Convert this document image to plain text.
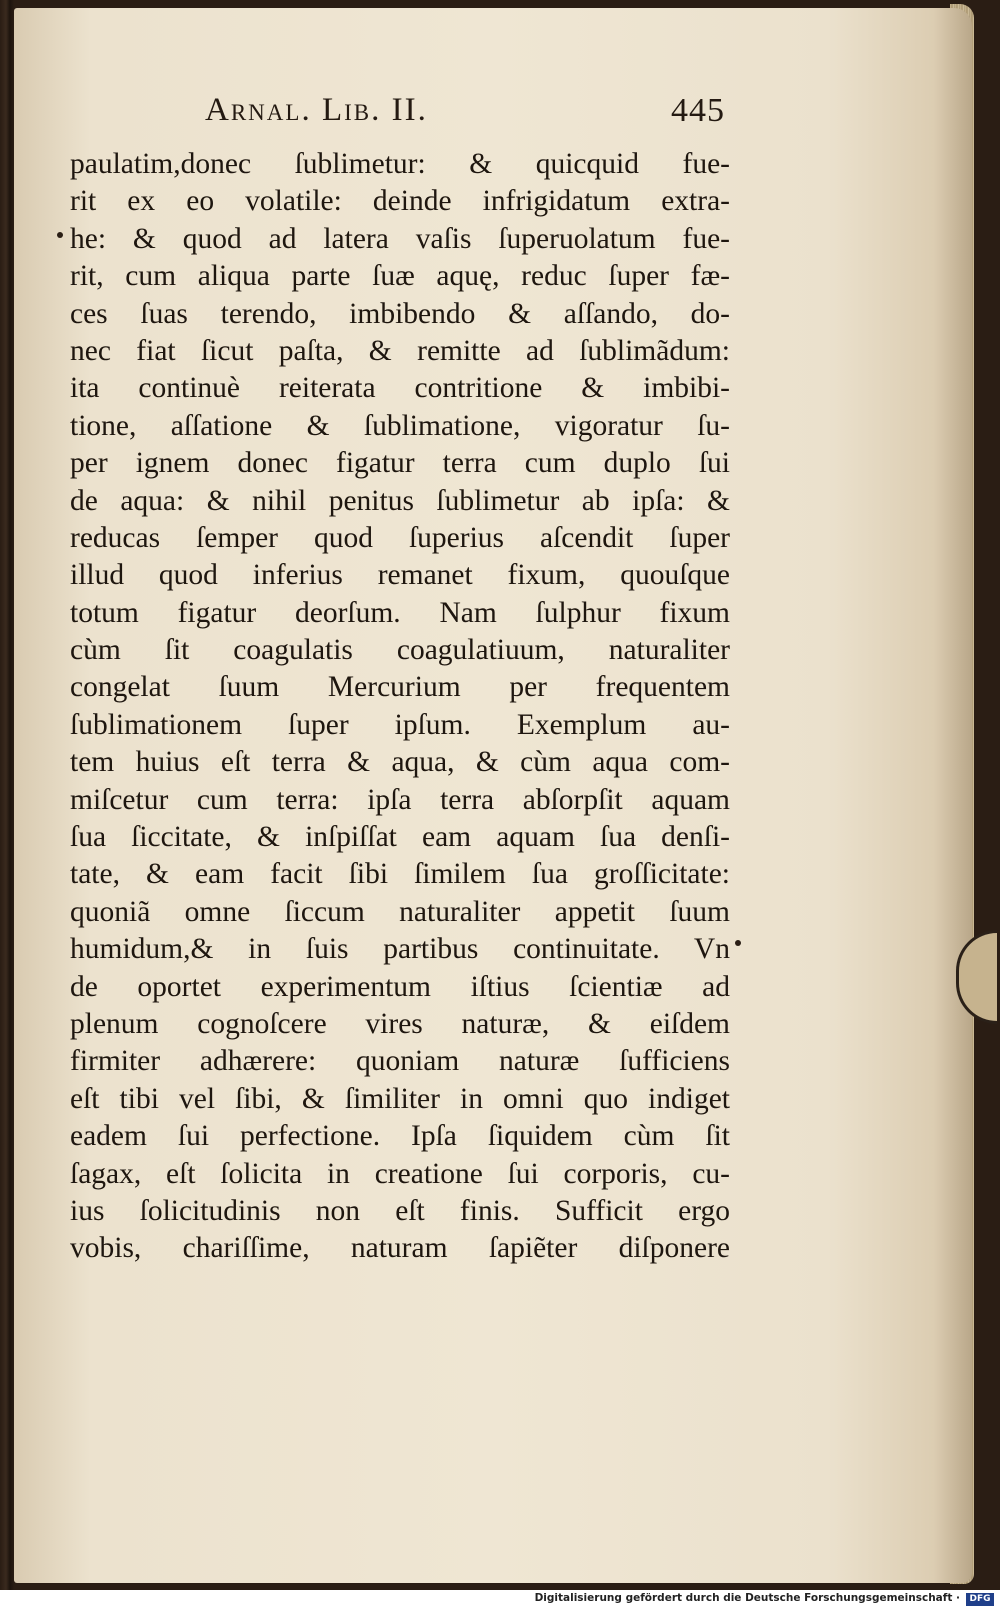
Arnal. Lib. II.	445
paulatim,donec ſublimetur: & quicquid fue-
rit ex eo volatile: deinde infrigidatum extra-
he: & quod ad latera vaſis ſuperuolatum fue-
rit, cum aliqua parte ſuæ aquę, reduc ſuper fæ-
ces ſuas terendo, imbibendo & aſſando, do-
nec fiat ſicut paſta, & remitte ad ſublimãdum:
ita continuè reiterata contritione & imbibi-
tione, aſſatione & ſublimatione, vigoratur ſu-
per ignem donec figatur terra cum duplo ſui
de aqua: & nihil penitus ſublimetur ab ipſa: &
reducas ſemper quod ſuperius aſcendit ſuper
illud quod inferius remanet fixum, quouſque
totum figatur deorſum. Nam ſulphur fixum
cùm ſit coagulatis coagulatiuum, naturaliter
congelat ſuum Mercurium per frequentem
ſublimationem ſuper ipſum. Exemplum au-
tem huius eſt terra & aqua, & cùm aqua com-
miſcetur cum terra: ipſa terra abſorpſit aquam
ſua ſiccitate, & inſpiſſat eam aquam ſua denſi-
tate, & eam facit ſibi ſimilem ſua groſſicitate:
quoniã omne ſiccum naturaliter appetit ſuum
humidum,& in ſuis partibus continuitate. Vn
de oportet experimentum iſtius ſcientiæ ad
plenum cognoſcere vires naturæ, & eiſdem
firmiter adhærere: quoniam naturæ ſufficiens
eſt tibi vel ſibi, & ſimiliter in omni quo indiget
eadem ſui perfectione. Ipſa ſiquidem cùm ſit
ſagax, eſt ſolicita in creatione ſui corporis, cu-
ius ſolicitudinis non eſt finis. Sufficit ergo
vobis, chariſſime, naturam ſapiẽter diſponere
Digitalisierung gefördert durch die Deutsche Forschungsgemeinschaft ·	DFG
